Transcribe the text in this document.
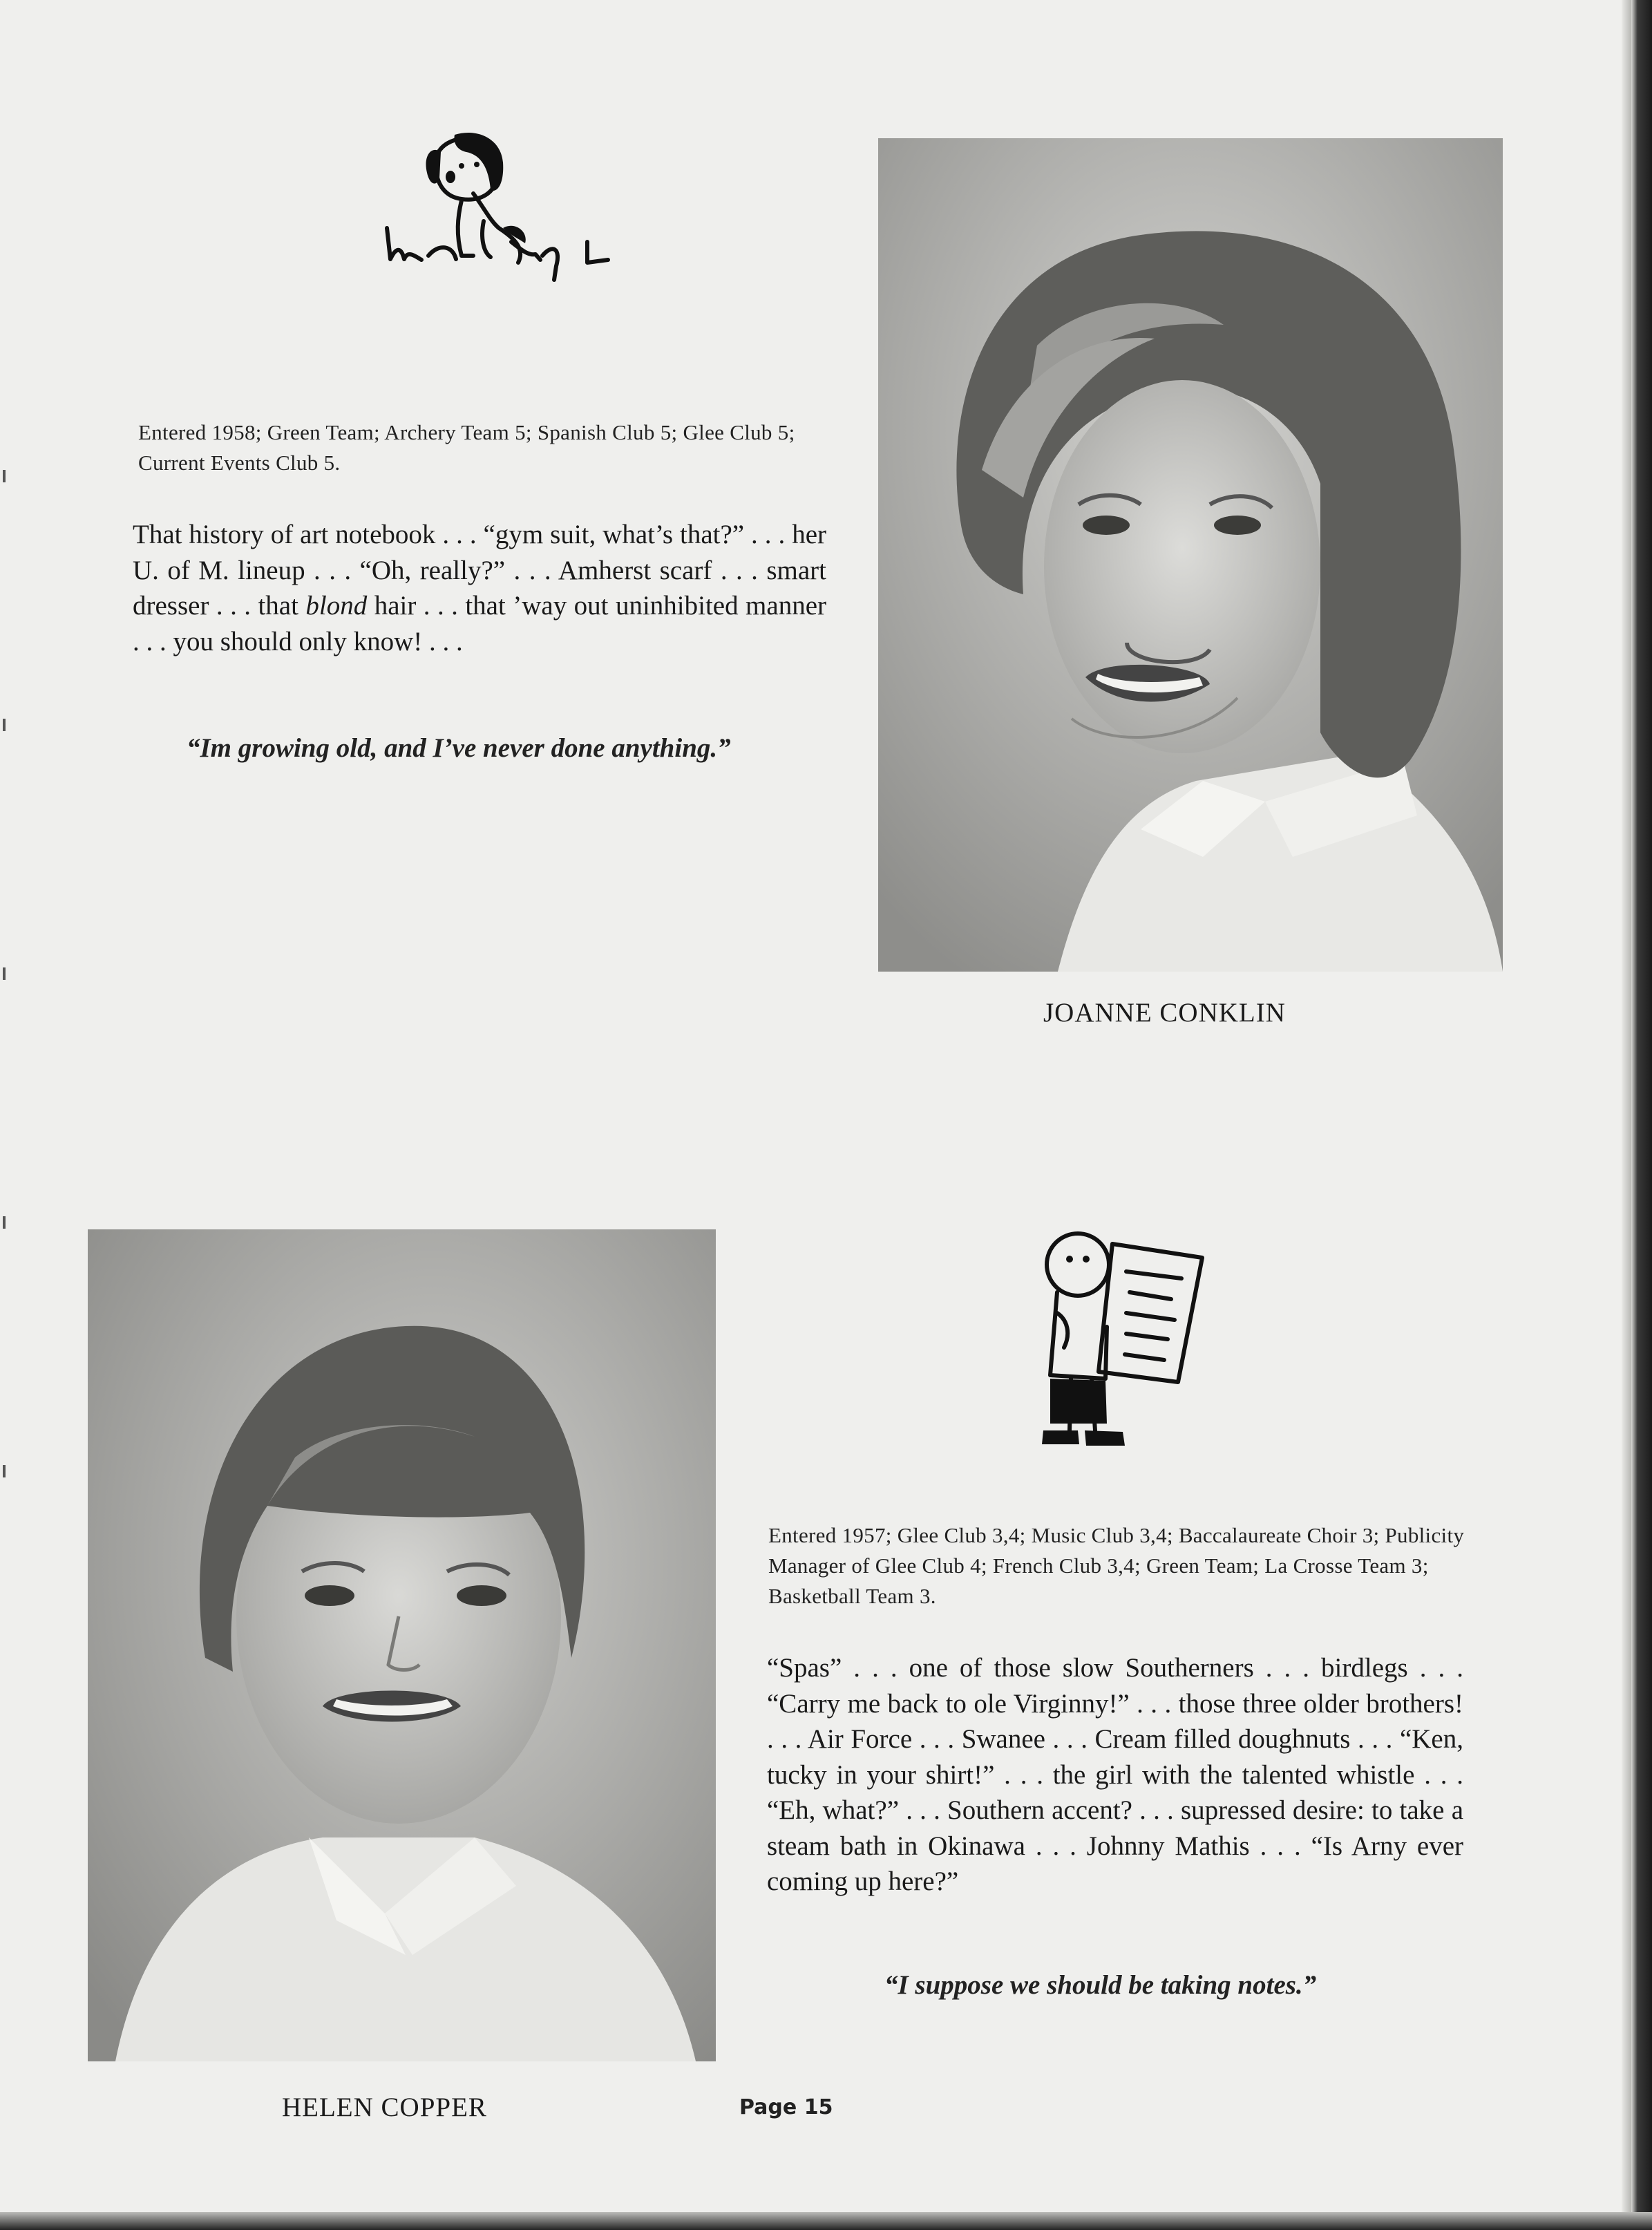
Entered 1958; Green Team; Archery Team 5; Spanish Club 5; Glee Club 5; Current Events Club 5.
That history of art notebook . . . “gym suit, what’s that?” . . . her U. of M. lineup . . . “Oh, really?” . . . Amherst scarf . . . smart dresser . . . that blond hair . . . that ’way out uninhibited manner . . . you should only know! . . .
“Im growing old, and I’ve never done anything.”
JOANNE CONKLIN
Entered 1957; Glee Club 3,4; Music Club 3,4; Baccalaureate Choir 3; Publicity Manager of Glee Club 4; French Club 3,4; Green Team; La Crosse Team 3; Basketball Team 3.
“Spas” . . . one of those slow Southerners . . . birdlegs . . . “Carry me back to ole Virginny!” . . . those three older brothers! . . . Air Force . . . Swanee . . . Cream filled doughnuts . . . “Ken, tucky in your shirt!” . . . the girl with the talented whistle . . . “Eh, what?” . . . Southern accent? . . . supressed desire: to take a steam bath in Okinawa . . . Johnny Mathis . . . “Is Arny ever coming up here?”
“I suppose we should be taking notes.”
HELEN COPPER	Page 15
